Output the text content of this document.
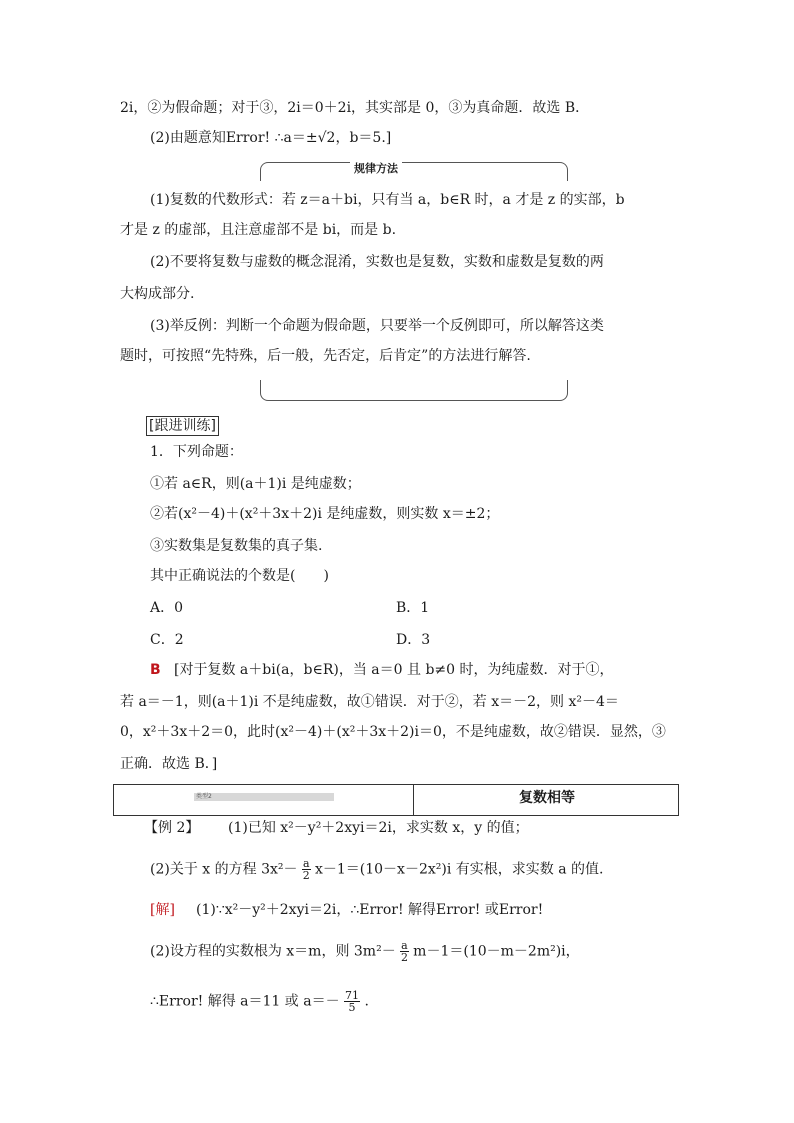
2i，②为假命题；对于③，2i＝0＋2i，其实部是 0，③为真命题．故选 B．
(2)由题意知Error! ∴a＝±√2，b＝5.]
规律方法
(1)复数的代数形式：若 z＝a＋bi，只有当 a，b∈R 时，a 才是 z 的实部，b
才是 z 的虚部，且注意虚部不是 bi，而是 b.
(2)不要将复数与虚数的概念混淆，实数也是复数，实数和虚数是复数的两
大构成部分.
(3)举反例：判断一个命题为假命题，只要举一个反例即可，所以解答这类
题时，可按照“先特殊，后一般，先否定，后肯定”的方法进行解答.
[跟进训练]
1．下列命题：
①若 a∈R，则(a＋1)i 是纯虚数；
②若(x²－4)＋(x²＋3x＋2)i 是纯虚数，则实数 x＝±2；
③实数集是复数集的真子集.
其中正确说法的个数是(　　)
A．0	B．1
C．2	D．3
B [对于复数 a＋bi(a，b∈R)，当 a＝0 且 b≠0 时，为纯虚数．对于①，
若 a＝－1，则(a＋1)i 不是纯虚数，故①错误．对于②，若 x＝－2，则 x²－4＝
0，x²＋3x＋2＝0，此时(x²－4)＋(x²＋3x＋2)i＝0，不是纯虚数，故②错误．显然，③
正确．故选 B．]
类型2	复数相等
【例 2】 (1)已知 x²－y²＋2xyi＝2i，求实数 x，y 的值；
(2)关于 x 的方程 $3x^2- \frac{a}{2} x-1=(10-x-2x^2)i$ 有实根，求实数 a 的值.
[解] (1)∵x²－y²＋2xyi＝2i，∴Error! 解得Error! 或Error!
(2)设方程的实数根为 x＝m，则 $3m^2- \frac{a}{2} m-1=(10-m-2m^2)i$，
∴Error! 解得 a＝11 或 $a=- \frac{71}{5}$ .
